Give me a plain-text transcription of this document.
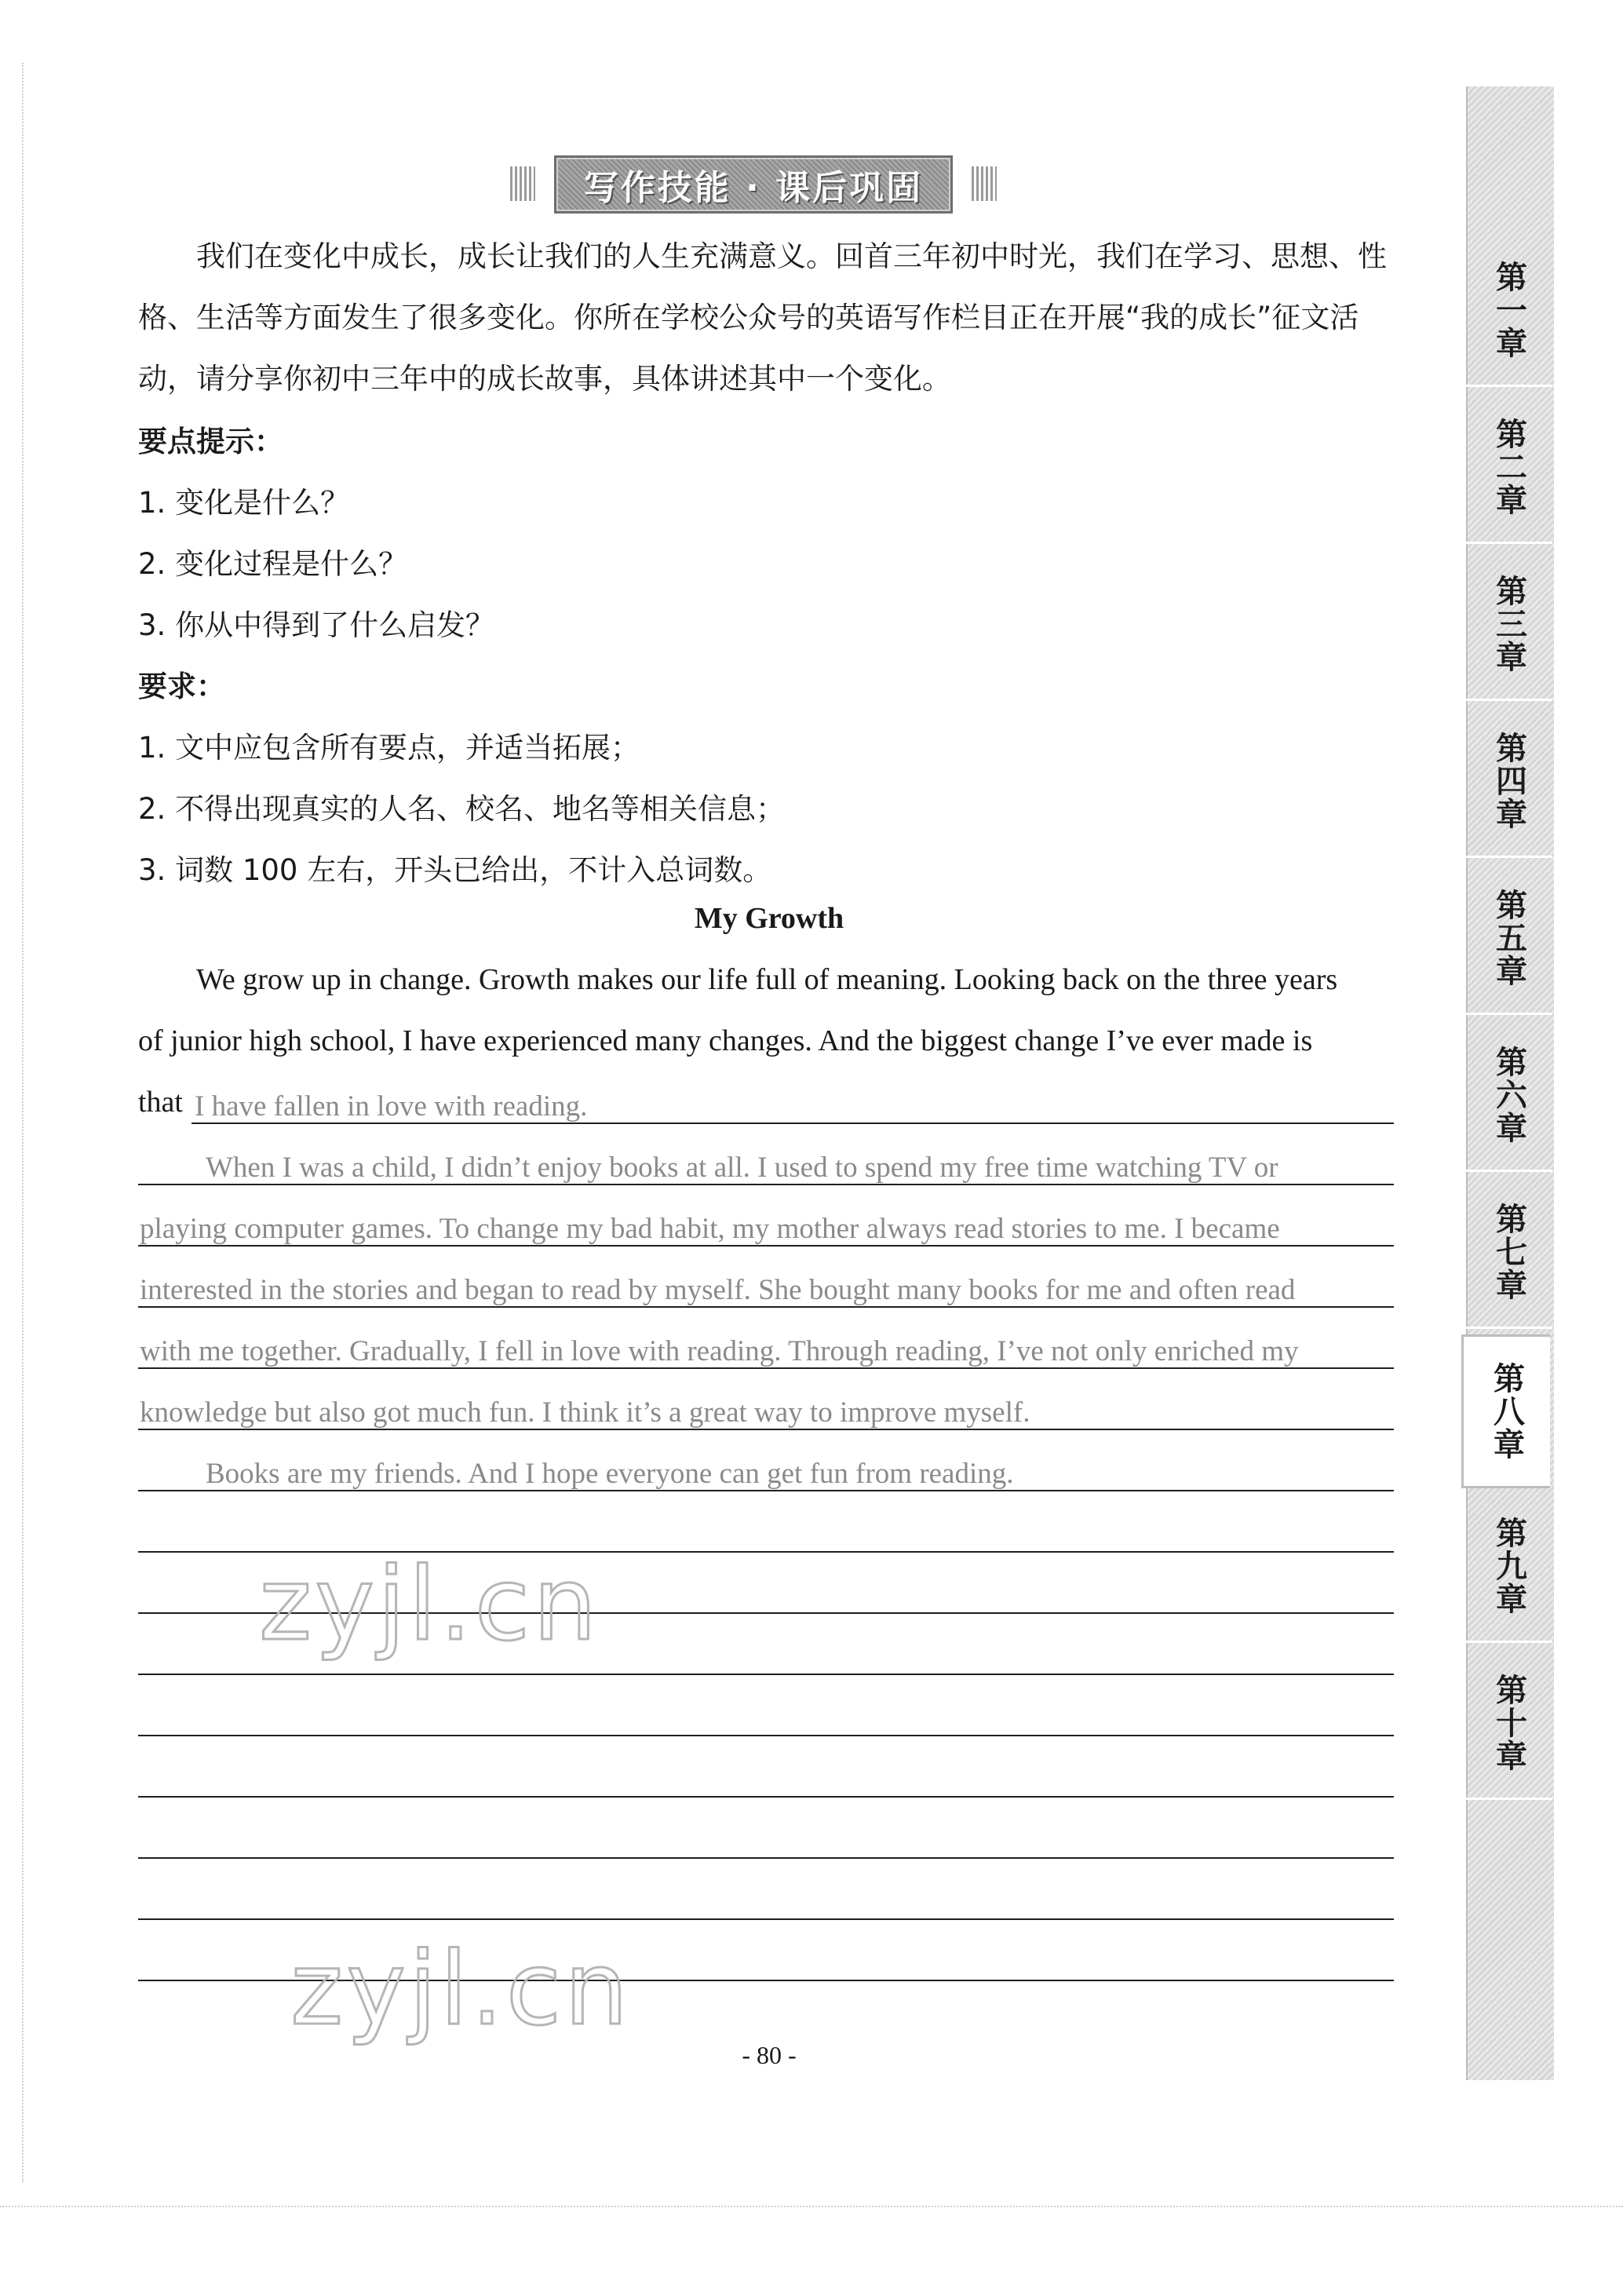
写作技能 · 课后巩固
我们在变化中成长，成长让我们的人生充满意义。回首三年初中时光，我们在学习、思想、性格、生活等方面发生了很多变化。你所在学校公众号的英语写作栏目正在开展“我的成长”征文活动，请分享你初中三年中的成长故事，具体讲述其中一个变化。
要点提示：
1. 变化是什么？
2. 变化过程是什么？
3. 你从中得到了什么启发？
要求：
1. 文中应包含所有要点，并适当拓展；
2. 不得出现真实的人名、校名、地名等相关信息；
3. 词数 100 左右，开头已给出，不计入总词数。
My Growth
We grow up in change. Growth makes our life full of meaning. Looking back on the three years
of junior high school, I have experienced many changes. And the biggest change I’ve ever made is
that I have fallen in love with reading.
When I was a child, I didn’t enjoy books at all. I used to spend my free time watching TV or
playing computer games. To change my bad habit, my mother always read stories to me. I became
interested in the stories and began to read by myself. She bought many books for me and often read
with me together. Gradually, I fell in love with reading. Through reading, I’ve not only enriched my
knowledge but also got much fun. I think it’s a great way to improve myself.
Books are my friends. And I hope everyone can get fun from reading.
zyjl.cn
zyjl.cn
- 80 -
第一章
第二章
第三章
第四章
第五章
第六章
第七章
第八章
第九章
第十章
